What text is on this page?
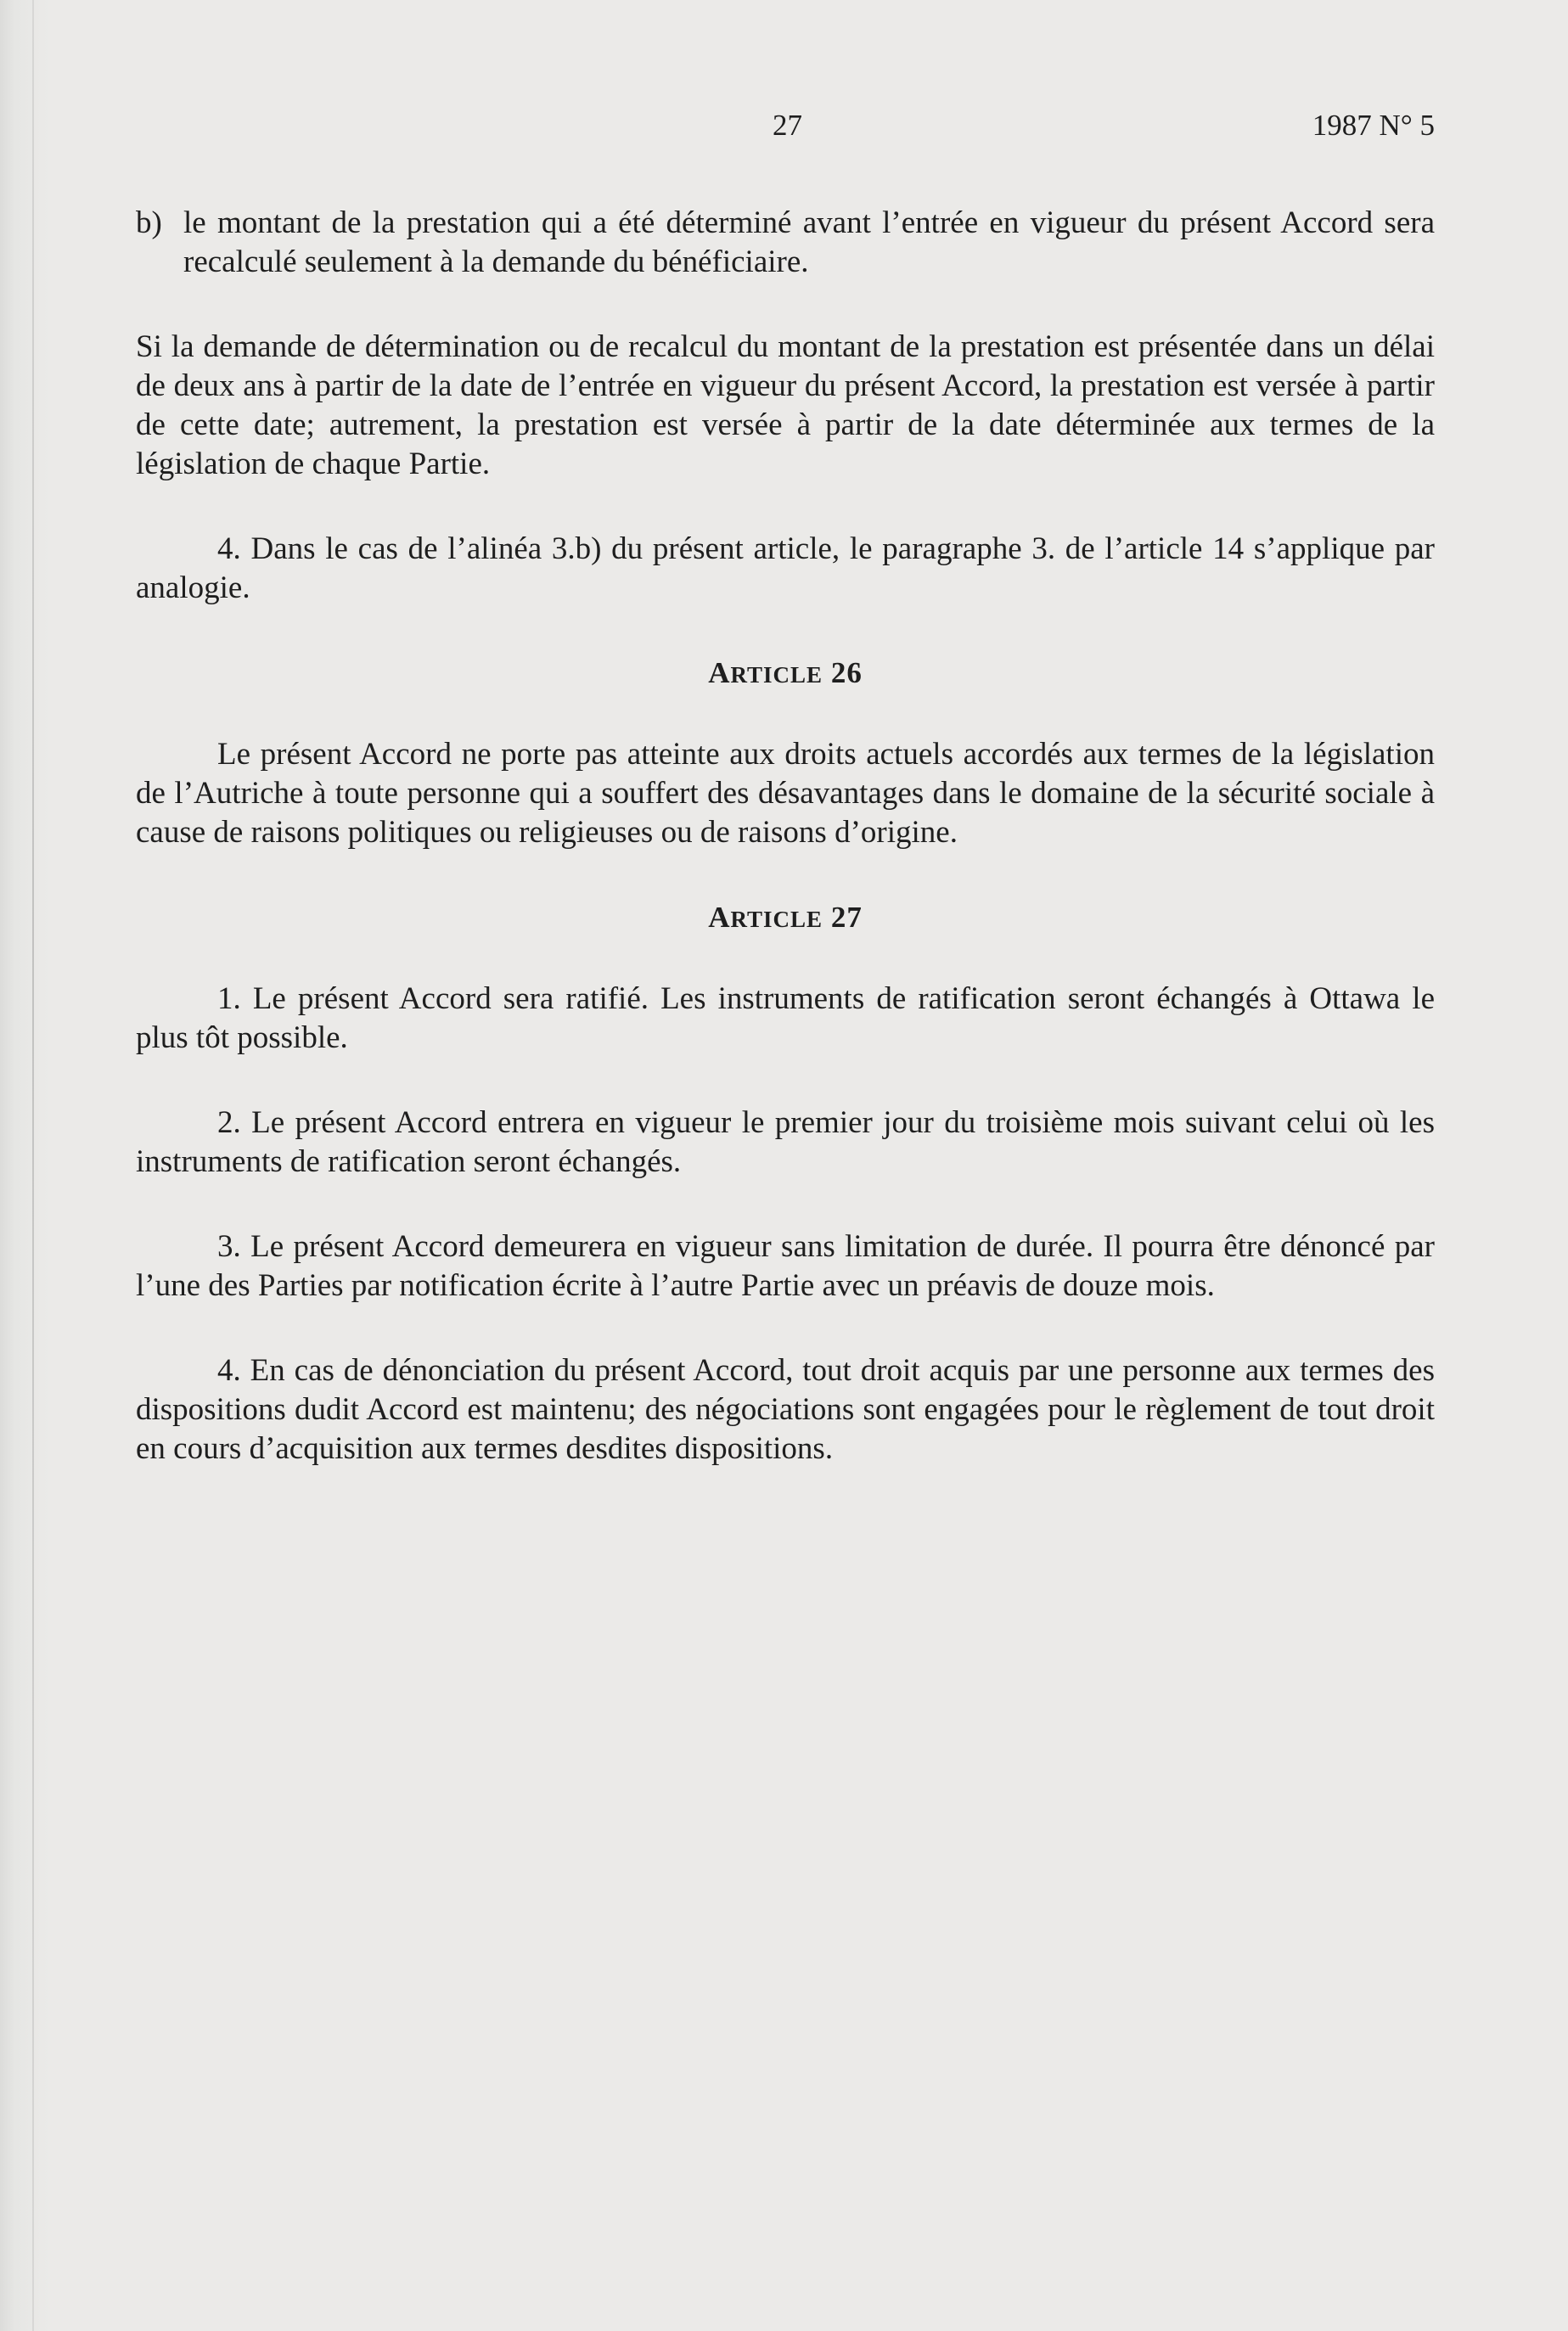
27	1987 N° 5
b) le montant de la prestation qui a été déterminé avant l’entrée en vigueur du présent Accord sera recalculé seulement à la demande du bénéficiaire.

Si la demande de détermination ou de recalcul du montant de la prestation est présentée dans un délai de deux ans à partir de la date de l’entrée en vigueur du présent Accord, la prestation est versée à partir de cette date; autrement, la prestation est versée à partir de la date déterminée aux termes de la législation de chaque Partie.

4. Dans le cas de l’alinéa 3.b) du présent article, le paragraphe 3. de l’article 14 s’applique par analogie.

ARTICLE 26

Le présent Accord ne porte pas atteinte aux droits actuels accordés aux termes de la législation de l’Autriche à toute personne qui a souffert des désavantages dans le domaine de la sécurité sociale à cause de raisons politiques ou religieuses ou de raisons d’origine.

ARTICLE 27

1. Le présent Accord sera ratifié. Les instruments de ratification seront échangés à Ottawa le plus tôt possible.

2. Le présent Accord entrera en vigueur le premier jour du troisième mois suivant celui où les instruments de ratification seront échangés.

3. Le présent Accord demeurera en vigueur sans limitation de durée. Il pourra être dénoncé par l’une des Parties par notification écrite à l’autre Partie avec un préavis de douze mois.

4. En cas de dénonciation du présent Accord, tout droit acquis par une personne aux termes des dispositions dudit Accord est maintenu; des négociations sont engagées pour le règlement de tout droit en cours d’acquisition aux termes desdites dispositions.
